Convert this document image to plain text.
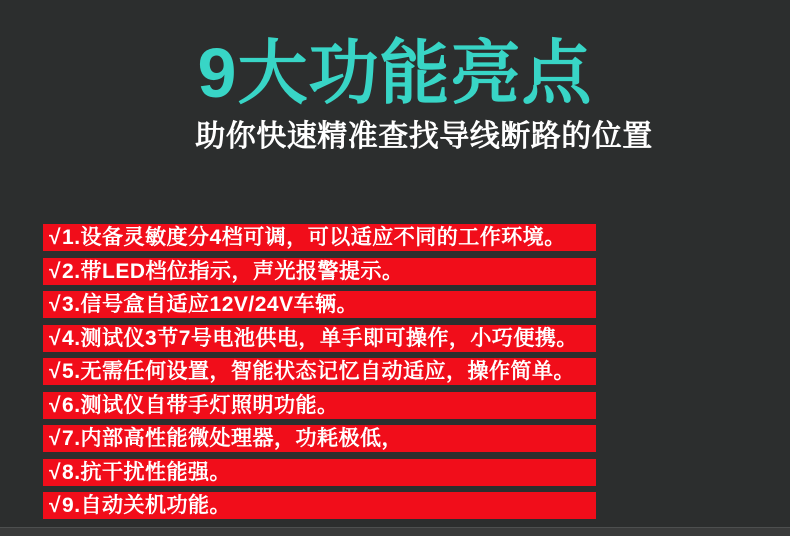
9大功能亮点
助你快速精准查找导线断路的位置
√1.设备灵敏度分4档可调，可以适应不同的工作环境。
√2.带LED档位指示，声光报警提示。
√3.信号盒自适应12V/24V车辆。
√4.测试仪3节7号电池供电，单手即可操作，小巧便携。
√5.无需任何设置，智能状态记忆自动适应，操作简单。
√6.测试仪自带手灯照明功能。
√7.内部高性能微处理器，功耗极低，
√8.抗干扰性能强。
√9.自动关机功能。
